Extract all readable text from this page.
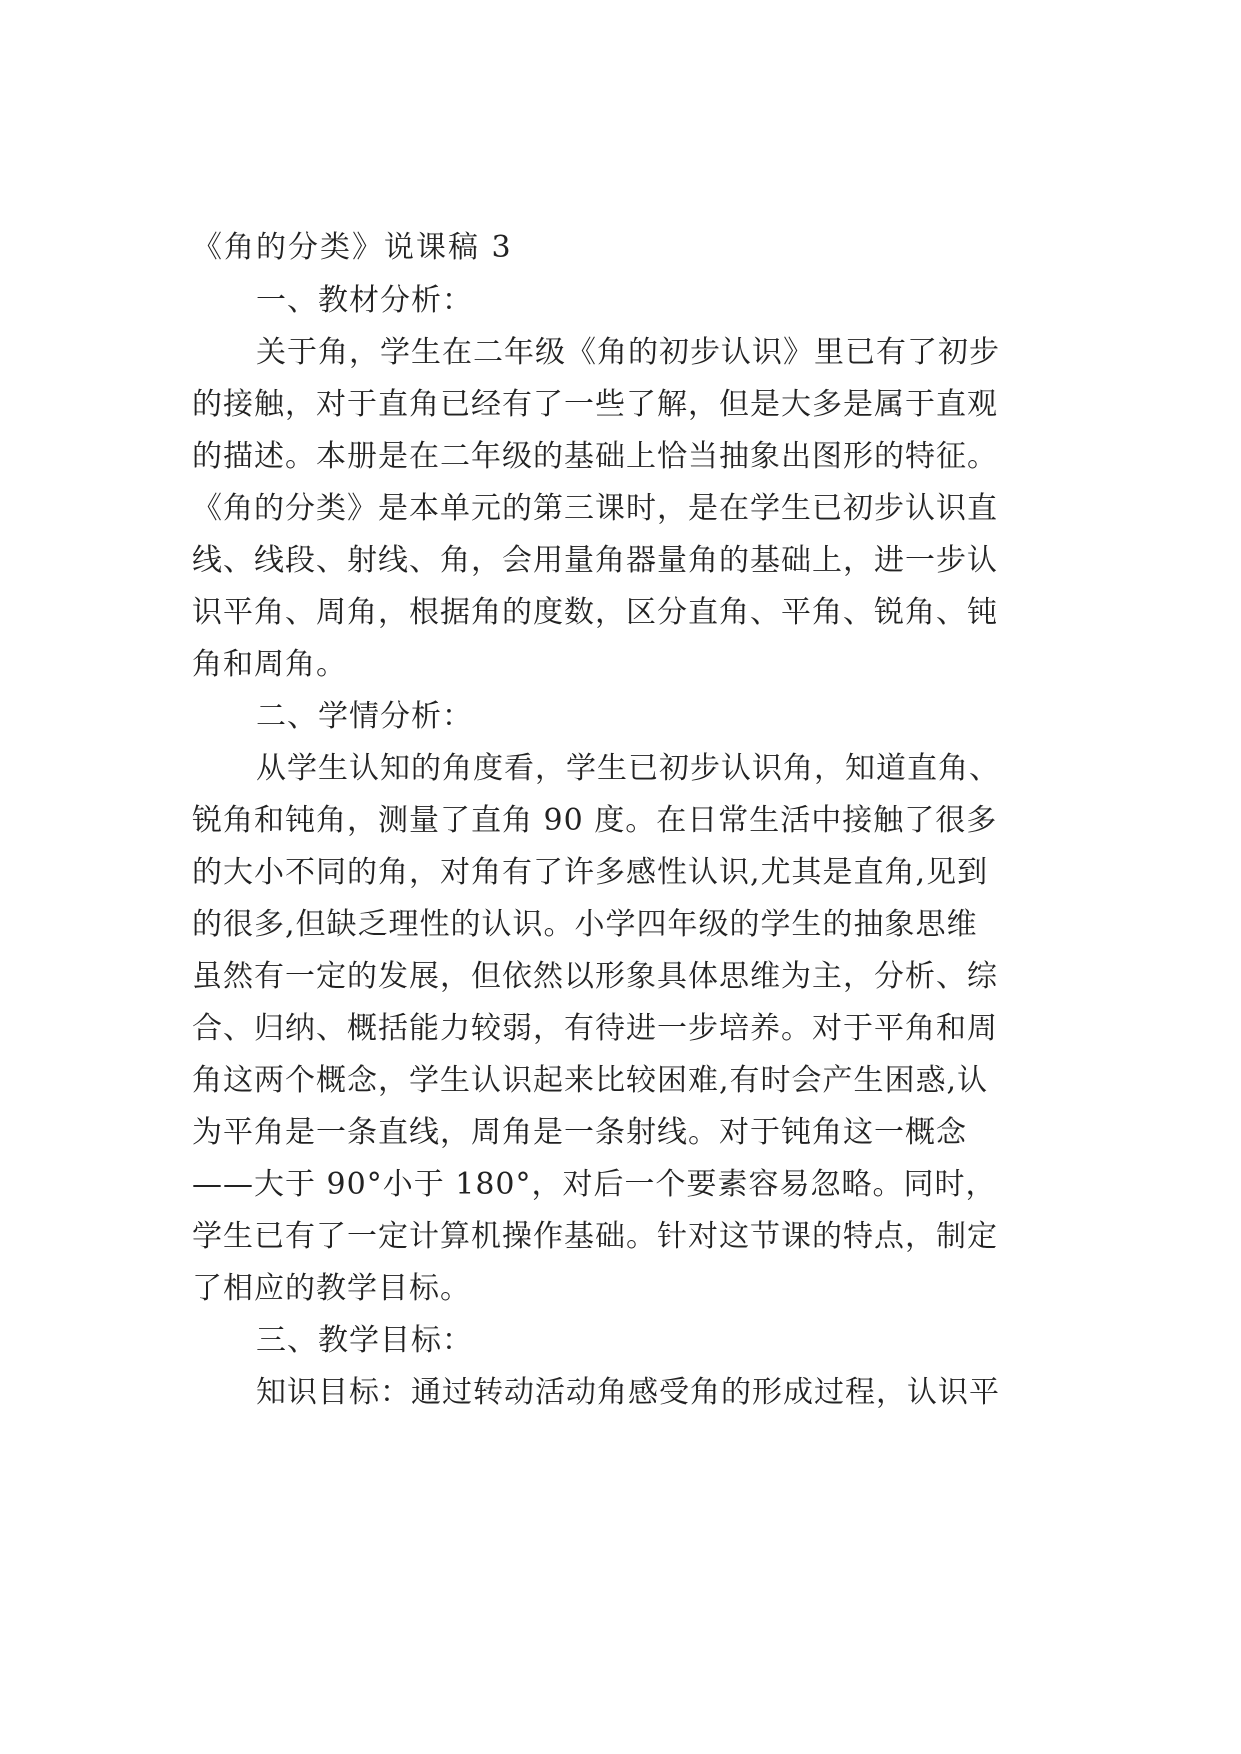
《角的分类》说课稿 3
一、教材分析：
关于角，学生在二年级《角的初步认识》里已有了初步
的接触，对于直角已经有了一些了解，但是大多是属于直观
的描述。本册是在二年级的基础上恰当抽象出图形的特征。
《角的分类》是本单元的第三课时，是在学生已初步认识直
线、线段、射线、角，会用量角器量角的基础上，进一步认
识平角、周角，根据角的度数，区分直角、平角、锐角、钝
角和周角。
二、学情分析：
从学生认知的角度看，学生已初步认识角，知道直角、
锐角和钝角，测量了直角 90 度。在日常生活中接触了很多
的大小不同的角，对角有了许多感性认识,尤其是直角,见到
的很多,但缺乏理性的认识。小学四年级的学生的抽象思维
虽然有一定的发展，但依然以形象具体思维为主，分析、综
合、归纳、概括能力较弱，有待进一步培养。对于平角和周
角这两个概念，学生认识起来比较困难,有时会产生困惑,认
为平角是一条直线，周角是一条射线。对于钝角这一概念
——大于 90°小于 180°，对后一个要素容易忽略。同时，
学生已有了一定计算机操作基础。针对这节课的特点，制定
了相应的教学目标。
三、教学目标：
知识目标：通过转动活动角感受角的形成过程，认识平
